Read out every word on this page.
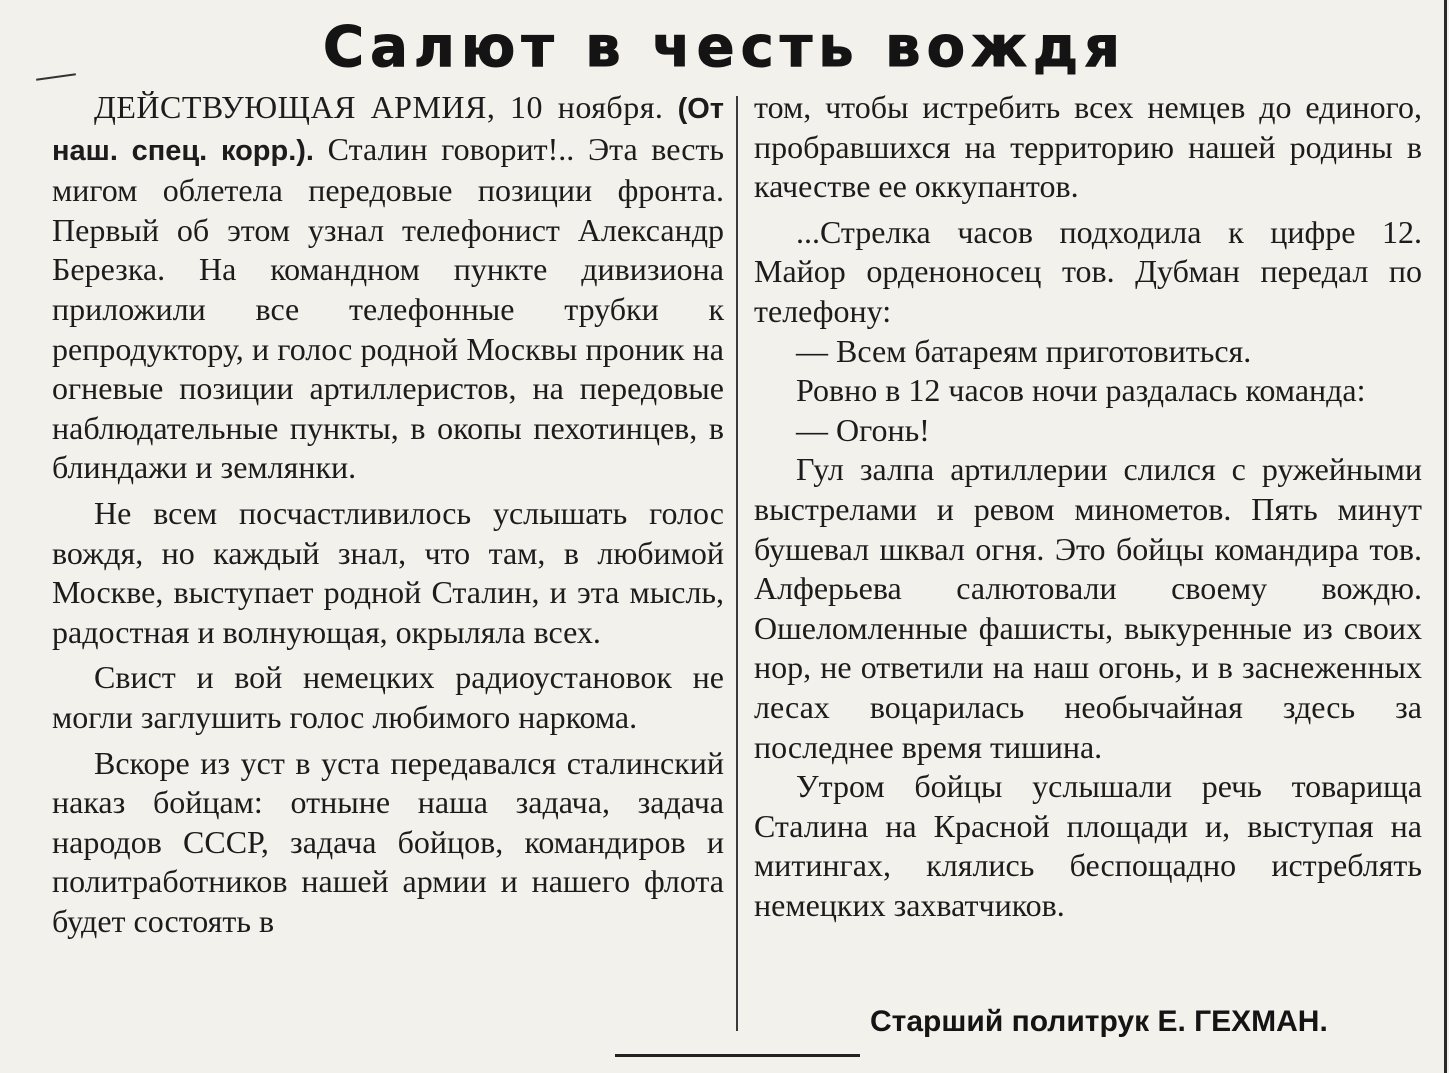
Салют в честь вождя

ДЕЙСТВУЮЩАЯ АРМИЯ, 10 ноября. (От наш. спец. корр.). Сталин говорит!.. Эта весть мигом облетела передовые позиции фронта. Первый об этом узнал телефонист Александр Березка. На командном пункте дивизиона приложили все телефонные трубки к репродуктору, и голос родной Москвы проник на огневые позиции артиллеристов, на передовые наблюдательные пункты, в окопы пехотинцев, в блиндажи и землянки.

Не всем посчастливилось услышать голос вождя, но каждый знал, что там, в любимой Москве, выступает родной Сталин, и эта мысль, радостная и волнующая, окрыляла всех.

Свист и вой немецких радиоустановок не могли заглушить голос любимого наркома.

Вскоре из уст в уста передавался сталинский наказ бойцам: отныне наша задача, задача народов СССР, задача бойцов, командиров и политработников нашей армии и нашего флота будет состоять в

том, чтобы истребить всех немцев до единого, пробравшихся на территорию нашей родины в качестве ее оккупантов.

...Стрелка часов подходила к цифре 12. Майор орденоносец тов. Дубман передал по телефону:

— Всем батареям приготовиться.

Ровно в 12 часов ночи раздалась команда:

— Огонь!

Гул залпа артиллерии слился с ружейными выстрелами и ревом минометов. Пять минут бушевал шквал огня. Это бойцы командира тов. Алферьева салютовали своему вождю. Ошеломленные фашисты, выкуренные из своих нор, не ответили на наш огонь, и в заснеженных лесах воцарилась необычайная здесь за последнее время тишина.

Утром бойцы услышали речь товарища Сталина на Красной площади и, выступая на митингах, клялись беспощадно истреблять немецких захватчиков.

Старший политрук Е. ГЕХМАН.
